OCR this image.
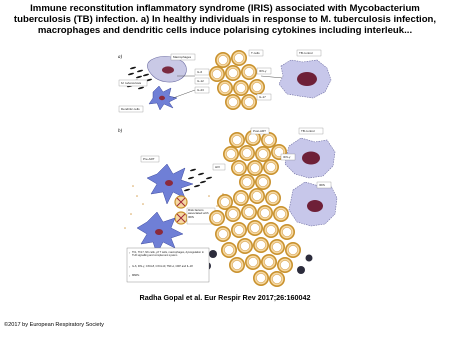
Immune reconstitution inflammatory syndrome (IRIS) associated with Mycobacterium tuberculosis (TB) infection. a) In healthy individuals in response to M. tuberculosis infection, macrophages and dendritic cells induce polarising cytokines including interleuk...
a)	Macrophages
M. tuberculosis
Dendritic cells
IL-6
IL-12
IL-23
T cells
IFN-γ
IL-17
TB control
b)	Post-ART	TB control
IFN-γ
Pre-ART
HIV
Risk factors associated with IRIS
IRIS
↑ Th1, Th17, NK cells, γδ T cells, macrophages, dysregulation in TLR signalling and complement system
↑ IL-6, IFN-γ, CXCL8, CXCL10, TNF-α, CRP and IL-18
↑ MMPs
Radha Gopal et al. Eur Respir Rev 2017;26:160042
©2017 by European Respiratory Society
